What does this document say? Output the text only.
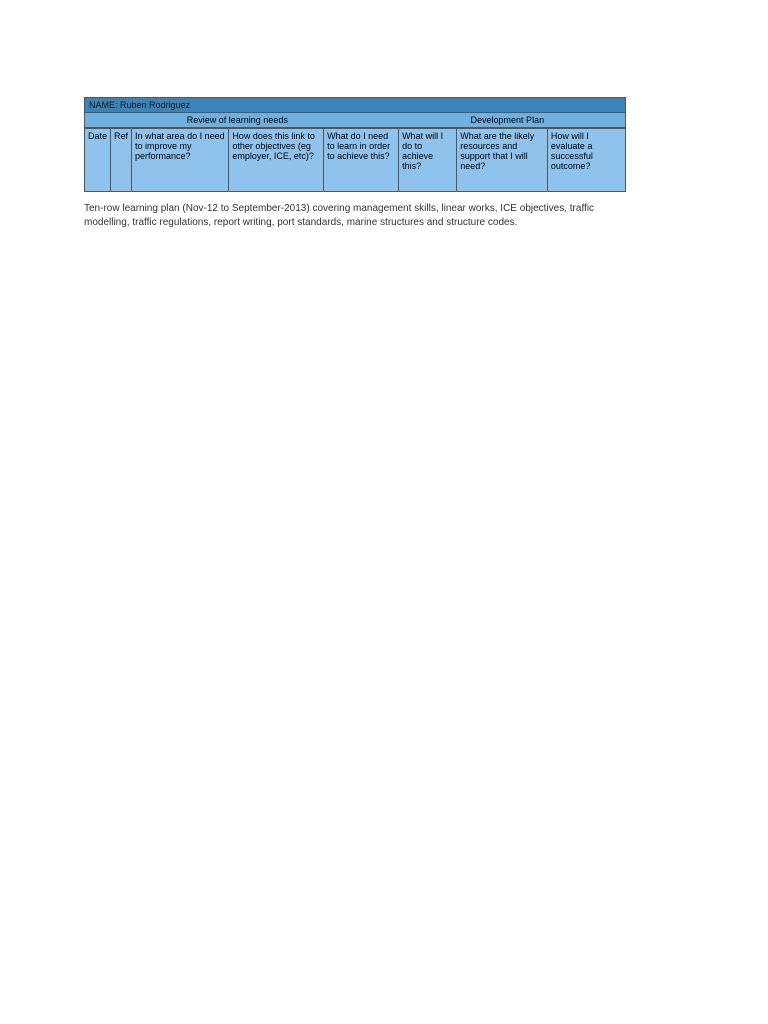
NAME: Ruben Rodriguez
Review of learning needs	Development Plan
Date	Ref	In what area do I need to improve my performance?	How does this link to other objectives (eg employer, ICE, etc)?	What do I need to learn in order to achieve this?	What will I do to achieve this?	What are the likely resources and support that I will need?	How will I evaluate a successful outcome?
Ten-row learning plan (Nov-12 to September-2013) covering management skills, linear works, ICE objectives, traffic modelling, traffic regulations, report writing, port standards, marine structures and structure codes.
